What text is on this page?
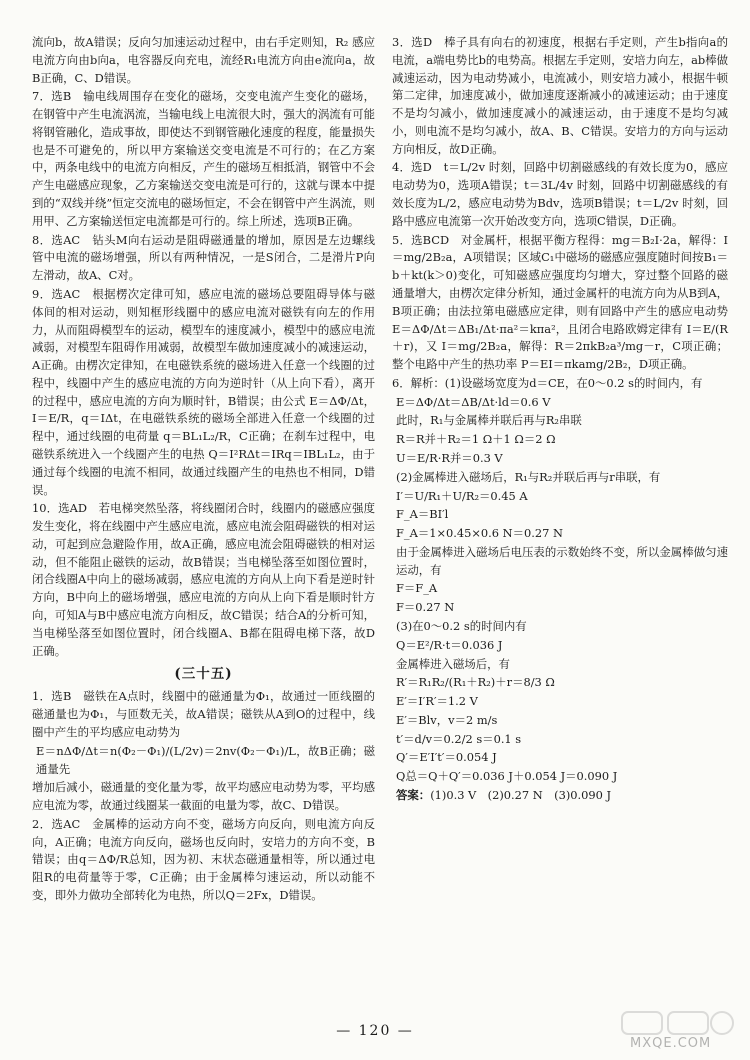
流向b，故A错误；反向匀加速运动过程中，由右手定则知，R₂ 感应电流方向由b向a，电容器反向充电，流经R₁电流方向由e流向a，故B正确，C、D错误。

7．选B　输电线周围存在变化的磁场，交变电流产生变化的磁场，在钢管中产生电流涡流，当输电线上电流很大时，强大的涡流有可能将钢管融化，造成事故，即使达不到钢管融化速度的程度，能量损失也是不可避免的，所以甲方案输送交变电流是不可行的；在乙方案中，两条电线中的电流方向相反，产生的磁场互相抵消，钢管中不会产生电磁感应现象，乙方案输送交变电流是可行的，这就与课本中提到的“双线并绕”恒定交流电的磁场恒定，不会在钢管中产生涡流，则用甲、乙方案输送恒定电流都是可行的。综上所述，选项B正确。

8．选AC　钻头M向右运动是阻碍磁通量的增加，原因是左边螺线管中电流的磁场增强，所以有两种情况，一是S闭合，二是滑片P向左滑动，故A、C对。

9．选AC　根据楞次定律可知，感应电流的磁场总要阻碍导体与磁体间的相对运动，则知框形线圈中的感应电流对磁铁有向左的作用力，从而阻碍模型车的运动，模型车的速度减小，模型中的感应电流减弱，对模型车阻碍作用减弱，故模型车做加速度减小的减速运动，A正确。由楞次定律知，在电磁铁系统的磁场进入任意一个线圈的过程中，线圈中产生的感应电流的方向为逆时针（从上向下看），离开的过程中，感应电流的方向为顺时针，B错误；由公式 E＝ΔΦ/Δt，I＝E/R，q＝IΔt，在电磁铁系统的磁场全部进入任意一个线圈的过程中，通过线圈的电荷量 q＝BL₁L₂/R，C正确；在刹车过程中，电磁铁系统进入一个线圈产生的电热 Q＝I²RΔt＝IRq＝IBL₁L₂，由于通过每个线圈的电流不相同，故通过线圈产生的电热也不相同，D错误。

10．选AD　若电梯突然坠落，将线圈闭合时，线圈内的磁感应强度发生变化，将在线圈中产生感应电流，感应电流会阻碍磁铁的相对运动，可起到应急避险作用，故A正确，感应电流会阻碍磁铁的相对运动，但不能阻止磁铁的运动，故B错误；当电梯坠落至如图位置时，闭合线圈A中向上的磁场减弱，感应电流的方向从上向下看是逆时针方向，B中向上的磁场增强，感应电流的方向从上向下看是顺时针方向，可知A与B中感应电流方向相反，故C错误；结合A的分析可知，当电梯坠落至如图位置时，闭合线圈A、B都在阻碍电梯下落，故D正确。

(三十五)

1．选B　磁铁在A点时，线圈中的磁通量为Φ₁，故通过一匝线圈的磁通量也为Φ₁，与匝数无关，故A错误；磁铁从A到O的过程中，线圈中产生的平均感应电动势为

E＝nΔΦ/Δt＝n(Φ₂－Φ₁)/(L/2v)＝2nv(Φ₂－Φ₁)/L，故B正确；磁通量先

增加后减小，磁通量的变化量为零，故平均感应电动势为零，平均感应电流为零，故通过线圈某一截面的电量为零，故C、D错误。

2．选AC　金属棒的运动方向不变，磁场方向反向，则电流方向反向，A正确；电流方向反向，磁场也反向时，安培力的方向不变，B错误；由q＝ΔΦ/R总知，因为初、末状态磁通量相等，所以通过电阻R的电荷量等于零，C正确；由于金属棒匀速运动，所以动能不变，即外力做功全部转化为电热，所以Q＝2Fx，D错误。

3．选D　棒子具有向右的初速度，根据右手定则，产生b指向a的电流，a端电势比b的电势高。根据左手定则，安培力向左，ab棒做减速运动，因为电动势减小，电流减小，则安培力减小，根据牛顿第二定律，加速度减小，做加速度逐渐减小的减速运动；由于速度不是均匀减小，做加速度减小的减速运动，由于速度不是均匀减小，则电流不是均匀减小，故A、B、C错误。安培力的方向与运动方向相反，故D正确。

4．选D　t＝L/2v 时刻，回路中切割磁感线的有效长度为0，感应电动势为0，选项A错误；t＝3L/4v 时刻，回路中切割磁感线的有效长度为L/2，感应电动势为Bdv，选项B错误；t＝L/2v 时刻，回路中感应电流第一次开始改变方向，选项C错误，D正确。

5．选BCD　对金属杆，根据平衡方程得：mg＝B₂I·2a，解得：I＝mg/2B₂a，A项错误；区域C₁中磁场的磁感应强度随时间按B₁＝b＋kt(k＞0)变化，可知磁感应强度均匀增大，穿过整个回路的磁通量增大，由楞次定律分析知，通过金属杆的电流方向为从B到A，B项正确；由法拉第电磁感应定律，则有回路中产生的感应电动势 E＝ΔΦ/Δt＝ΔB₁/Δt·πa²＝kπa²，且闭合电路欧姆定律有 I＝E/(R＋r)，又 I＝mg/2B₂a，解得：R＝2πkB₂a³/mg－r，C项正确；整个电路中产生的热功率 P＝EI＝πkamg/2B₂，D项正确。

6．解析：(1)设磁场宽度为d＝CE，在0～0.2 s的时间内，有

E＝ΔΦ/Δt＝ΔB/Δt·ld＝0.6 V

此时，R₁与金属棒并联后再与R₂串联

R＝R并＋R₂＝1 Ω＋1 Ω＝2 Ω

U＝E/R·R并＝0.3 V

(2)金属棒进入磁场后，R₁与R₂并联后再与r串联，有

I′＝U/R₁＋U/R₂＝0.45 A

F_A＝BI′l

F_A＝1×0.45×0.6 N＝0.27 N

由于金属棒进入磁场后电压表的示数始终不变，所以金属棒做匀速运动，有

F＝F_A

F＝0.27 N

(3)在0～0.2 s的时间内有

Q＝E²/R·t＝0.036 J

金属棒进入磁场后，有

R′＝R₁R₂/(R₁＋R₂)＋r＝8/3 Ω

E′＝I′R′＝1.2 V

E′＝Blv，v＝2 m/s

t′＝d/v＝0.2/2 s＝0.1 s

Q′＝E′I′t′＝0.054 J

Q总＝Q＋Q′＝0.036 J＋0.054 J＝0.090 J

答案：(1)0.3 V　(2)0.27 N　(3)0.090 J

— 120 —
MXQE.COM
